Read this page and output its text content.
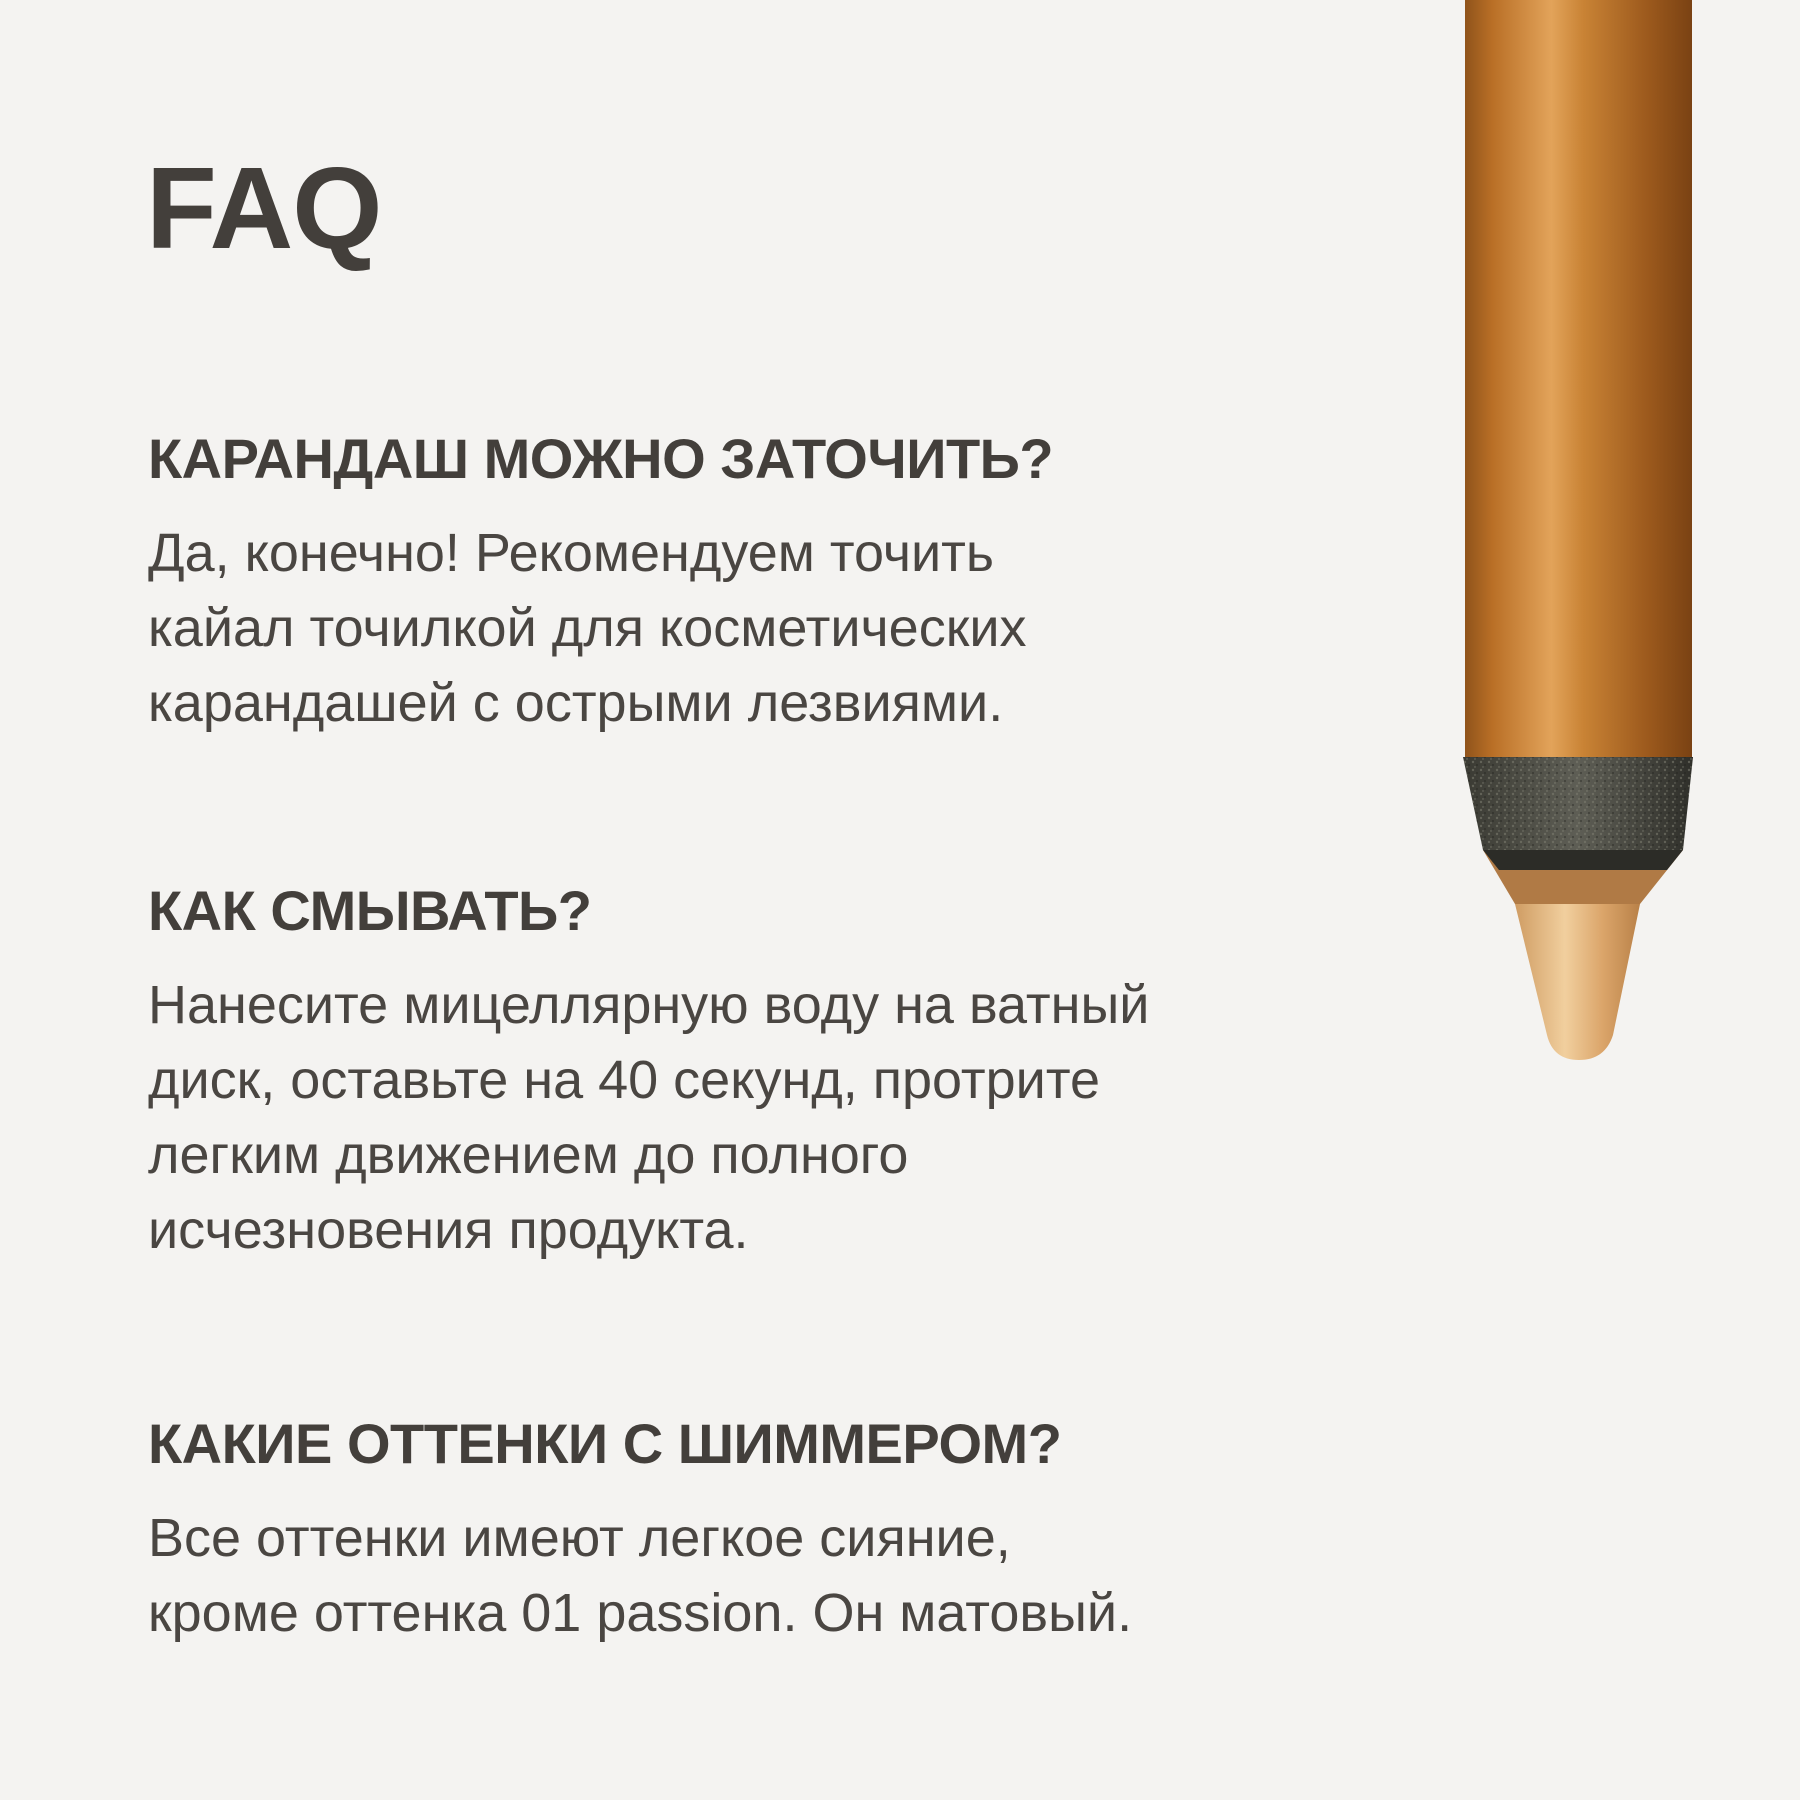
FAQ
КАРАНДАШ МОЖНО ЗАТОЧИТЬ?

Да, конечно! Рекомендуем точить
кайал точилкой для косметических
карандашей с острыми лезвиями.

КАК СМЫВАТЬ?

Нанесите мицеллярную воду на ватный
диск, оставьте на 40 секунд, протрите
легким движением до полного
исчезновения продукта.

КАКИЕ ОТТЕНКИ С ШИММЕРОМ?

Все оттенки имеют легкое сияние,
кроме оттенка 01 passion. Он матовый.
